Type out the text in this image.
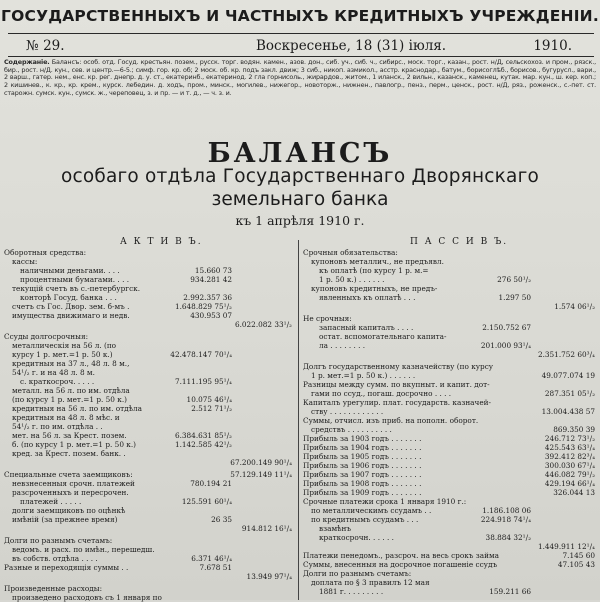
ГОСУДАРСТВЕННЫХЪ И ЧАСТНЫХЪ КРЕДИТНЫХЪ УЧРЕЖДЕНІИ.
№ 29.	Воскресенье, 18 (31) іюля.	1910.
Содержаніе. Балансъ: особ. отд. Госуд. крестьян. позем., русск. торг. водян. камен., азов. дон., сиб. уч., сиб. ч., сибирс., моск. торг., казан., рост. н/Д, сельскохоз. и пром., рязск., бир., рост. н/Д. кун., сев. и центр.—6-5.; симф. гор. кр. об; 2 моск. об. кр. подъ закл. движ; 3 сиб., никоп. азмикол., асстр. краснодар., батум., борисоглѣб., борисов., бугурусл., вари., 2 варш., гатер. нем., енс. кр. рег. днепр. д. у. ст., екатеринб., екатеринод. 2 гла горнисоль., жирардов., житом., 1 иланск., 2 вильн., казанск., каменец, кутак. мар. кун., ш. кер. коп.; 2 кишинев., к. кр., кр. крем., курск. лебедин. д. ходъ, пром., минск., могилев., нижегор., новоторж., нижнен., павлогр., пенз., перм., ценск., рост. н/Д, ряз., роженск., с.-пет. ст. старожн. сумск. кун., сумск. ж., череповец, з. и пр. — и т. д., — ч. з. и.
БАЛАНСЪ
особаго отдѣла Государственнаго Дворянскаго
земельнаго банка
къ 1 апрѣля 1910 г.
А К Т И В Ъ.	П А С С И В Ъ.
Оборотныя средства:
кассы:
наличными деньгами. . . .	15.660 73
процентными бумагами. . . .	934.281 42
текущій счетъ въ с.-петербургск.
конторѣ Госуд. банка . . .	2.992.357 36
счетъ съ Гос. Двор. зем. б-мъ .	1.648.829 75¹/₂
имущества движимаго и недв.	430.953 07
6.022.082 33¹/₂
Ссуды долгосрочныя:
металлическія на 56 л. (по
курсу 1 р. мет.=1 р. 50 к.)	42.478.147 70¹/₄
кредитныя на 37 л., 48 л. 8 м.,
54¹/₂ г. и на 48 л. 8 м.
с. краткосроч. . . . .	7.111.195 95¹/₄
металл. на 56 л. по им. отдѣла
(по курсу 1 р. мет.=1 р. 50 к.)	10.075 46¹/₄
кредитныя на 56 л. по им. отдѣла	2.512 71¹/₂
кредитныя на 48 л. 8 мѣс. и
54¹/₂ г. по им. отдѣла . .
мет. на 56 л. за Крест. позем.	6.384.631 85¹/₂
б. (по курсу 1 р. мет.=1 р. 50 к.)	1.142.585 42¹/₂
кред. за Крест. позем. банк. .
67.200.149 90¹/₄
Специальные счета заемщиковъ:	57.129.149 11¹/₄
невзнесенныя срочн. платежей	780.194 21
разсроченныхъ и пересрочен.
платежей . . . . .	125.591 60¹/₄
долги заемщиковъ по оцѣнкѣ
имѣній (за прежнее время)	26 35
914.812 16¹/₄
Долги по разнымъ счетамъ:
ведомъ. и расх. по имѣн., перешедш.
въ собств. отдѣла . . . .	6.371 46¹/₄
Разные и переходящія суммы . .	7.678 51
13.949 97¹/₄
Произведенные расходы:
произведено расходовъ съ 1 января по
Срочныя обязательства:
купоновъ металлич., не предъявл.
къ оплатѣ (по курсу 1 р. м.=
1 р. 50 к.) . . . . . .	276 50¹/₂
купоновъ кредитныхъ, не предъ-
явленныхъ къ оплатѣ . . .	1.297 50
1.574 06¹/₂
Не срочныя:
запасный капиталъ . . . .	2.150.752 67
остат. вспомогательнаго капита-
ла . . . . . . . .	201.000 93¹/₄
2.351.752 60³/₄
Долгъ государственному казначейству (по курсу
1 р. мет.=1 р. 50 к.) . . . . . .	49.077.074 19
Разницы между сумм. по вкупныт. и капит. дот-
гами по ссуд., погаш. досрочно . . . .	287.351 05¹/₂
Капиталъ урегулир. плат. государств. казначей-
ству . . . . . . . . . . . .	13.004.438 57
Суммы, отчисл. изъ приб. на пополн. оборот.
средствъ . . . . . . . . . .	869.350 39
Прибыль за 1903 годъ . . . . . . .	246.712 73¹/₂
Прибыль за 1904 годъ . . . . . . .	425.543 63¹/₄
Прибыль за 1905 годъ . . . . . . .	392.412 82³/₄
Прибыль за 1906 годъ . . . . . . .	300.030 67¹/₄
Прибыль за 1907 годъ . . . . . . .	446.082 79¹/₂
Прибыль за 1908 годъ . . . . . . .	429.194 66¹/₄
Прибыль за 1909 годъ . . . . . . .	326.044 13
Срочные платежи срока 1 января 1910 г.:
по металлическимъ ссудамъ . .	1.186.108 06
по кредитнымъ ссудамъ . . .	224.918 74¹/₄
взамѣнъ
краткосрочн. . . . . .	38.884 32¹/₂
1.449.911 12¹/₄
Платежи пенедомъ., разсроч. на весь срокъ займа	7.145 60
Суммы, внесенныя на досрочное погашеніе ссудъ	47.105 43
Долги по разнымъ счетамъ:
доплата по § 3 правилъ 12 мая
1881 г. . . . . . . . .	159.211 66
